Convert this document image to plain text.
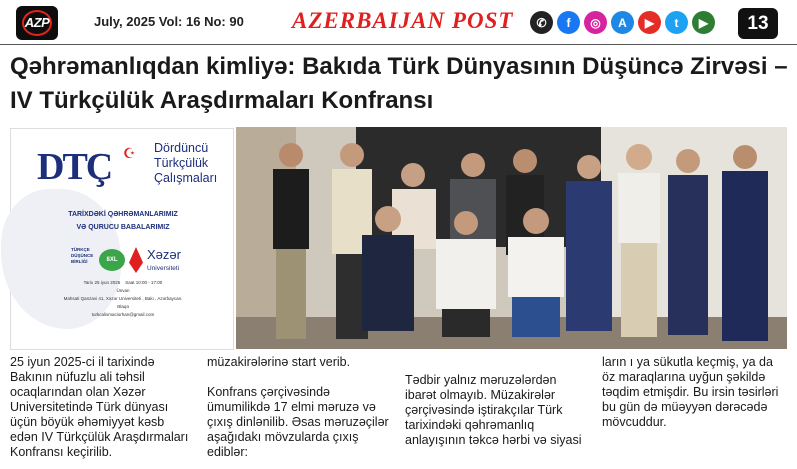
AZP	July, 2025 Vol: 16 No: 90 AZERBAIJAN POST	✆	f	◎	A	▶	t	▶	13
Qəhrəmanlıqdan kimliyə: Bakıda Türk Dünyasının Düşüncə Zirvəsi – IV Türkçülük Araşdırmaları Konfransı
DTÇ ☪ Dördüncü
Türkçülük
Çalışmaları
TARİXDƏKİ QƏHRƏMANLARIMIZ
VƏ QURUCU BABALARIMIZ
TÜRKÇE DÜŞÜNCE BİRLİĞİ	8XL	Xəzər
Universiteti
Tarix 25 iyun 2025 Saat 10:00 - 17:00
Ünvan
Mahsati Qanzavi 41, Xəzər Universiteti , Bakı , Azərbaycan.
Əlaqə
turkcalismaciorhan@gmail.com

25 iyun 2025-ci il tarixində Bakının nüfuzlu ali təhsil ocaqlarından olan Xəzər Universitetində Türk dünyası üçün böyük əhəmiyyət kəsb edən IV Türkçülük Araşdırmaları Konfransı keçirilib.

müzakirələrinə start verib.

Konfrans çərçivəsində ümumilikdə 17 elmi məruzə və çıxış dinlənilib. Əsas məruzəçilər aşağıdakı mövzularda çıxış ediblər:

Tədbir yalnız məruzələrdən ibarət olmayıb. Müzakirələr çərçivəsində iştirakçılar Türk tarixindəki qəhrəmanlıq anlayışının təkcə hərbi və siyasi

ların ı ya sükutla keçmiş, ya da öz maraqlarına uyğun şəkildə təqdim etmişdir. Bu irsin təsirləri bu gün də müəyyən dərəcədə mövcuddur.
